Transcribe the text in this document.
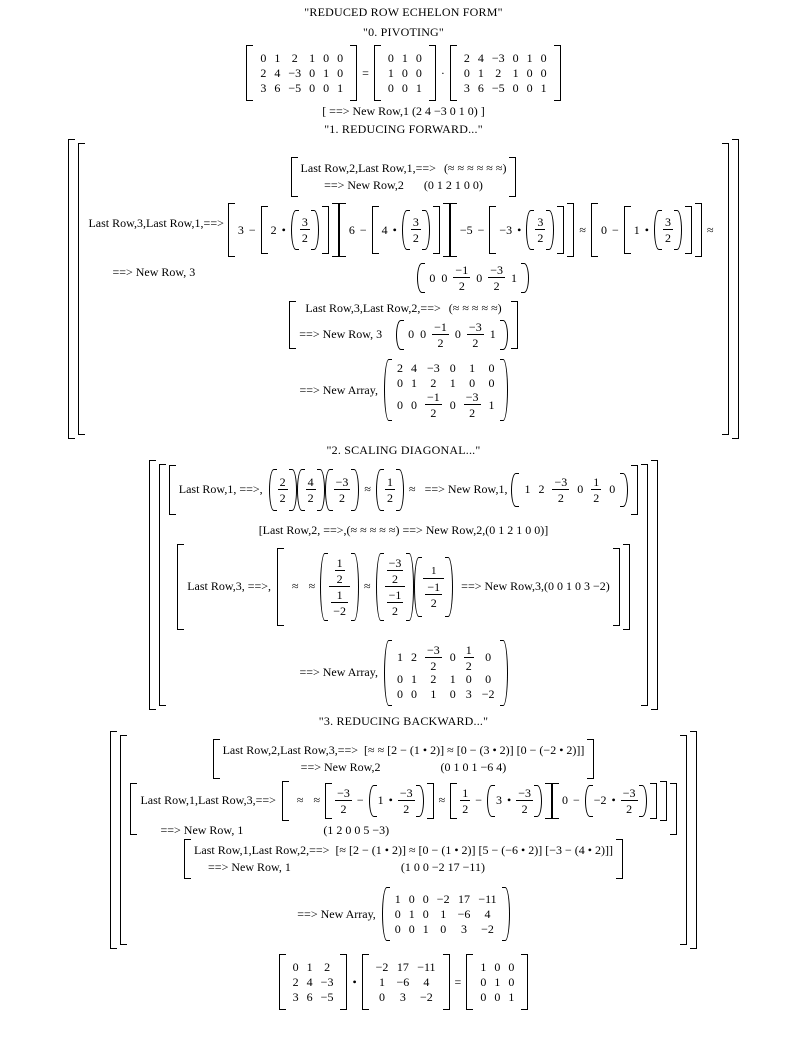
"REDUCED ROW ECHELON FORM"
"0. PIVOTING"
0	1	2	1	0	0
2	4	−3	0	1	0
3	6	−5	0	0	1
=
0	1	0
1	0	0
0	0	1
·
2	4	−3	0	1	0
0	1	2	1	0	0
3	6	−5	0	0	1
[ ==> New Row,1 (2 4 −3 0 1 0) ]
"1. REDUCING FORWARD..."
Last Row,2,Last Row,1,==> (≈ ≈ ≈ ≈ ≈ ≈)
==> New Row,2 (0 1 2 1 0 0)
Last Row,3,Last Row,1,==>
==> New Row, 3
3 −	2 •	$\frac{3}{2}$	6 −	4 •	$\frac{3}{2}$	−5 −	−3 •	$\frac{3}{2}$	≈	0 −	1 •	$\frac{3}{2}$	≈
0 $0 \frac{-1}{2} 0 \frac{-3}{2} 1$
Last Row,3,Last Row,2,==> (≈ ≈ ≈ ≈ ≈)
==> New Row, 3 0 $0 \frac{-1}{2} 0 \frac{-3}{2} 1$
==> New Array,
2	4	−3	0	1	0
0	1	2	1	0	0
0	0	$\frac{-1}{2}$	0	$\frac{-3}{2}$	1
"2. SCALING DIAGONAL..."
Last Row,1, ==>, $\frac{2}{2} \frac{4}{2} \frac{-3}{2}$	≈	$\frac{1}{2}$	≈ ==> New Row,1,	1 $2 \frac{-3}{2} 0 \frac{1}{2} 0$
[Last Row,2, ==>,(≈ ≈ ≈ ≈ ≈) ==> New Row,2,(0 1 2 1 0 0)]
Last Row,3, ==>,	≈ ≈	$\frac{\frac{1}{2}}{\frac{1}{-2}}$	≈	$\frac{\frac{-3}{2}}{\frac{-1}{2}} \frac{1}{\frac{-1}{2}}$ ==> New Row,3,(0 0 1 0 3 −2)
==> New Array,
1	2	$\frac{-3}{2}$	0	$\frac{1}{2}$	0
0	1	2	1	0	0
0	0	1	0	3	−2
"3. REDUCING BACKWARD..."
Last Row,2,Last Row,3,==> [≈ ≈ [2 − (1 • 2)] ≈ [0 − (3 • 2)] [0 − (−2 • 2)]]
==> New Row,2	(0 1 0 1 −6 4)
Last Row,1,Last Row,3,==>	≈ ≈	$\frac{-3}{2}$ −	1 • $\frac{-3}{2}$	≈	$\frac{1}{2}$ −	3 • $\frac{-3}{2} 0$ −	−2 • $\frac{-3}{2}$
==> New Row, 1	(1 2 0 0 5 −3)
Last Row,1,Last Row,2,==> [≈ [2 − (1 • 2)] ≈ [0 − (1 • 2)] [5 − (−6 • 2)] [−3 − (4 • 2)]]
==> New Row, 1	(1 0 0 −2 17 −11)
==> New Array,
1	0	0	−2	17	−11
0	1	0	1	−6	4
0	0	1	0	3	−2
0	1	2
2	4	−3
3	6	−5
•
−2	17	−11
1	−6	4
0	3	−2
=
1	0	0
0	1	0
0	0	1
